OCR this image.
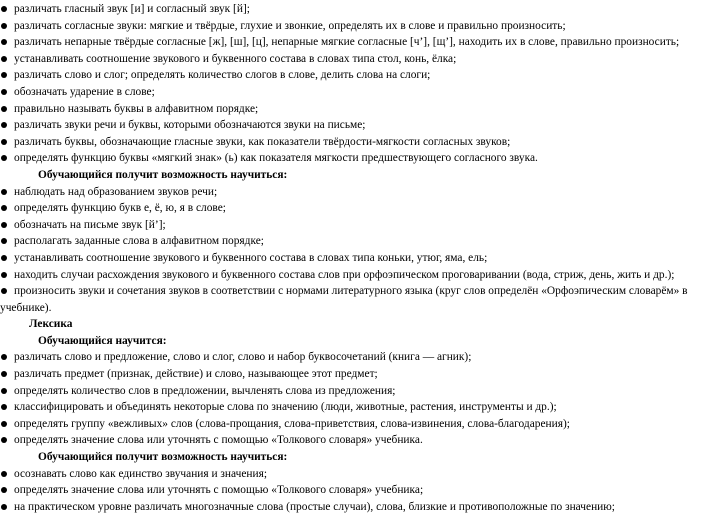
различать гласный звук [и] и согласный звук [й];
различать согласные звуки: мягкие и твёрдые, глухие и звонкие, определять их в слове и правильно произносить;
различать непарные твёрдые согласные [ж], [ш], [ц], непарные мягкие согласные [ч’], [щ’], находить их в слове, правильно произносить;
устанавливать соотношение звукового и буквенного состава в словах типа стол, конь, ёлка;
различать слово и слог; определять количество слогов в слове, делить слова на слоги;
обозначать ударение в слове;
правильно называть буквы в алфавитном порядке;
различать звуки речи и буквы, которыми обозначаются звуки на письме;
различать буквы, обозначающие гласные звуки, как показатели твёрдости-мягкости согласных звуков;
определять функцию буквы «мягкий знак» (ь) как показателя мягкости предшествующего согласного звука.
Обучающийся получит возможность научиться:
наблюдать над образованием звуков речи;
определять функцию букв е, ё, ю, я в слове;
обозначать на письме звук [й’];
располагать заданные слова в алфавитном порядке;
устанавливать соотношение звукового и буквенного состава в словах типа коньки, утюг, яма, ель;
находить случаи расхождения звукового и буквенного состава слов при орфоэпическом проговаривании (вода, стриж, день, жить и др.);
произносить звуки и сочетания звуков в соответствии с нормами литературного языка (круг слов определён «Орфоэпическим словарём» в
учебнике).
Лексика
Обучающийся научится:
различать слово и предложение, слово и слог, слово и набор буквосочетаний (книга — агник);
различать предмет (признак, действие) и слово, называющее этот предмет;
определять количество слов в предложении, вычленять слова из предложения;
классифицировать и объединять некоторые слова по значению (люди, животные, растения, инструменты и др.);
определять группу «вежливых» слов (слова-прощания, слова-приветствия, слова-извинения, слова-благодарения);
определять значение слова или уточнять с помощью «Толкового словаря» учебника.
Обучающийся получит возможность научиться:
осознавать слово как единство звучания и значения;
определять значение слова или уточнять с помощью «Толкового словаря» учебника;
на практическом уровне различать многозначные слова (простые случаи), слова, близкие и противоположные по значению;
